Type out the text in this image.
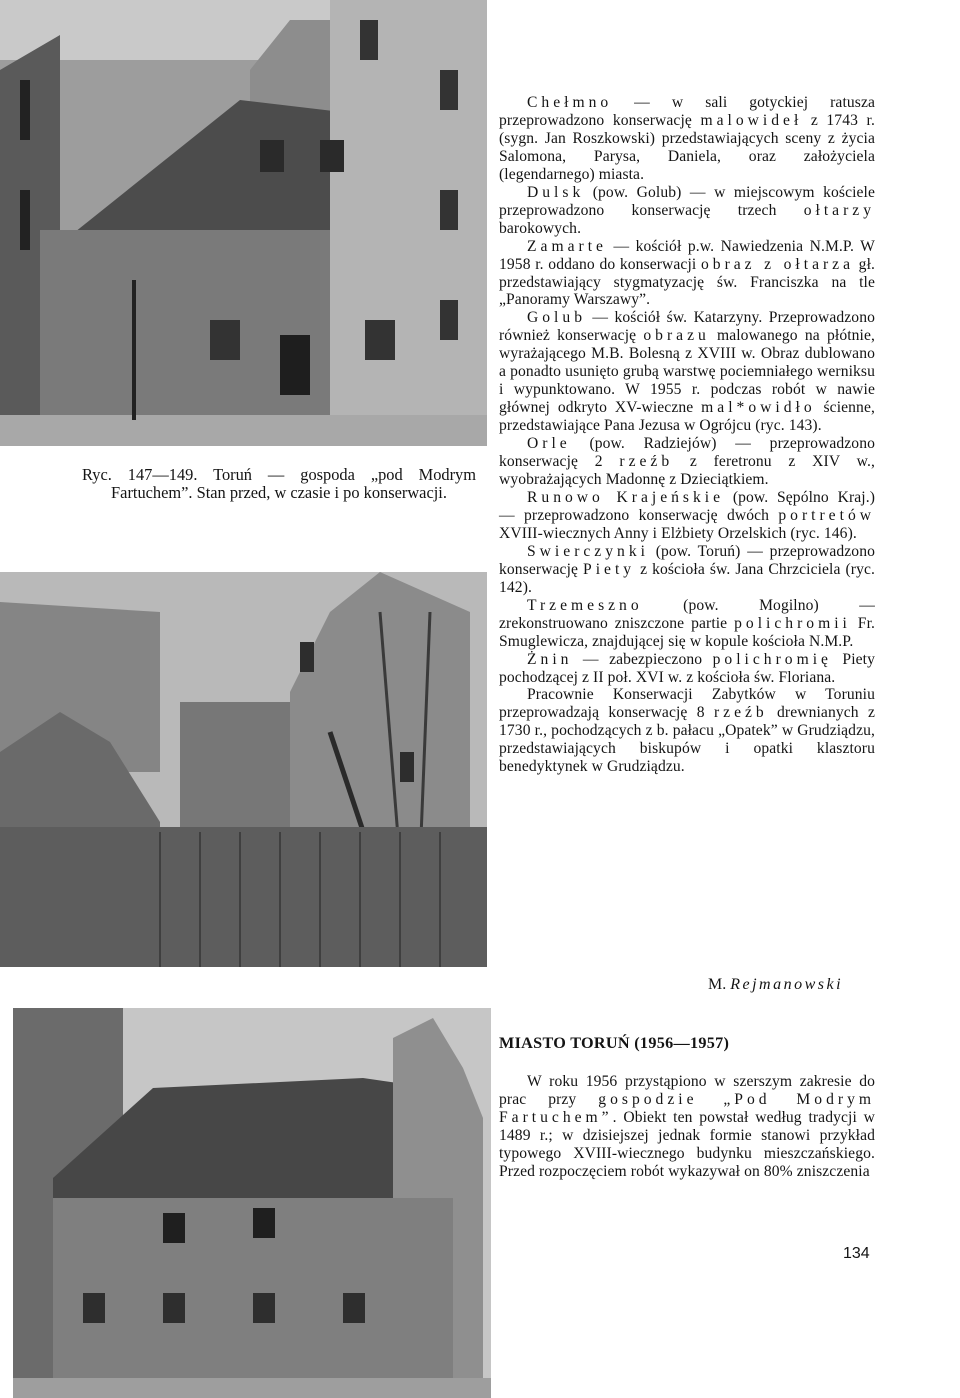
Ryc. 147—149. Toruń — gospoda „pod Modrym Fartuchem”. Stan przed, w czasie i po konserwacji.

Chełmno — w sali gotyckiej ratusza przeprowadzono konserwację malowideł z 1743 r. (sygn. Jan Roszkowski) przedstawiających sceny z życia Salomona, Parysa, Daniela, oraz założyciela (legendarnego) miasta.

Dulsk (pow. Golub) — w miejscowym kościele przeprowadzono konserwację trzech ołtarzy barokowych.

Zamarte — kościół p.w. Nawiedzenia N.M.P. W 1958 r. oddano do konserwacji obraz z ołtarza gł. przedstawiający stygmatyzację św. Franciszka na tle „Panoramy Warszawy”.

Golub — kościół św. Katarzyny. Przeprowadzono również konserwację obrazu malowanego na płótnie, wyrażającego M.B. Bolesną z XVIII w. Obraz dublowano a ponadto usunięto grubą warstwę pociemniałego werniksu i wypunktowano. W 1955 r. podczas robót w nawie głównej odkryto XV-wieczne mal*owidło ścienne, przedstawiające Pana Jezusa w Ogrójcu (ryc. 143).

Orle (pow. Radziejów) — przeprowadzono konserwację 2 rzeźb z feretronu z XIV w., wyobrażających Madonnę z Dzieciątkiem.

Runowo Krajeńskie (pow. Sępólno Kraj.) — przeprowadzono konserwację dwóch portretów XVIII-wiecznych Anny i Elżbiety Orzelskich (ryc. 146).

Swierczynki (pow. Toruń) — przeprowadzono konserwację Piety z kościoła św. Jana Chrzciciela (ryc. 142).

Trzemeszno (pow. Mogilno) — zrekonstruowano zniszczone partie polichromii Fr. Smuglewicza, znajdującej się w kopule kościoła N.M.P.

Żnin — zabezpieczono polichromię Piety pochodzącej z II poł. XVI w. z kościoła św. Floriana.

Pracownie Konserwacji Zabytków w Toruniu przeprowadzają konserwację 8 rzeźb drewnianych z 1730 r., pochodzących z b. pałacu „Opatek” w Grudziądzu, przedstawiających biskupów i opatki klasztoru benedyktynek w Grudziądzu.

M. Rejmanowski
MIASTO TORUŃ (1956—1957)

W roku 1956 przystąpiono w szerszym zakresie do prac przy gospodzie „Pod Modrym Fartuchem”. Obiekt ten powstał według tradycji w 1489 r.; w dzisiejszej jednak formie stanowi przykład typowego XVIII-wiecznego budynku mieszczańskiego. Przed rozpoczęciem robót wykazywał on 80% zniszczenia

134
